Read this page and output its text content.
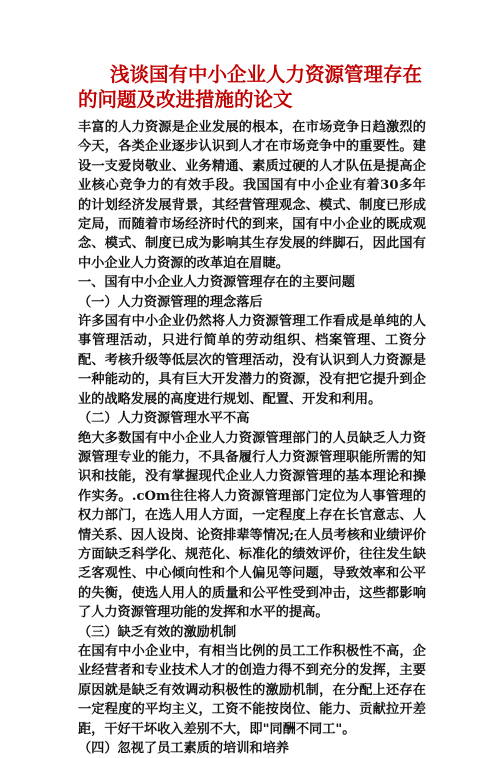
浅谈国有中小企业人力资源管理存在的问题及改进措施的论文

丰富的人力资源是企业发展的根本，在市场竞争日趋激烈的今天，各类企业逐步认识到人才在市场竞争中的重要性。建设一支爱岗敬业、业务精通、素质过硬的人才队伍是提高企业核心竞争力的有效手段。我国国有中小企业有着30多年的计划经济发展背景，其经营管理观念、模式、制度已形成定局，而随着市场经济时代的到来，国有中小企业的既成观念、模式、制度已成为影响其生存发展的绊脚石，因此国有中小企业人力资源的改革迫在眉睫。

一、国有中小企业人力资源管理存在的主要问题

（一）人力资源管理的理念落后

许多国有中小企业仍然将人力资源管理工作看成是单纯的人事管理活动，只进行简单的劳动组织、档案管理、工资分配、考核升级等低层次的管理活动，没有认识到人力资源是一种能动的，具有巨大开发潜力的资源，没有把它提升到企业的战略发展的高度进行规划、配置、开发和利用。

（二）人力资源管理水平不高

绝大多数国有中小企业人力资源管理部门的人员缺乏人力资源管理专业的能力，不具备履行人力资源管理职能所需的知识和技能，没有掌握现代企业人力资源管理的基本理论和操作实务。.cOm往往将人力资源管理部门定位为人事管理的权力部门，在选人用人方面，一定程度上存在长官意志、人情关系、因人设岗、论资排辈等情况;在人员考核和业绩评价方面缺乏科学化、规范化、标准化的绩效评价，往往发生缺乏客观性、中心倾向性和个人偏见等问题，导致效率和公平的失衡，使选人用人的质量和公平性受到冲击，这些都影响了人力资源管理功能的发挥和水平的提高。

（三）缺乏有效的激励机制

在国有中小企业中，有相当比例的员工工作积极性不高，企业经营者和专业技术人才的创造力得不到充分的发挥，主要原因就是缺乏有效调动积极性的激励机制，在分配上还存在一定程度的平均主义，工资不能按岗位、能力、贡献拉开差距，干好干坏收入差别不大，即"同酬不同工"。

（四）忽视了员工素质的培训和培养
